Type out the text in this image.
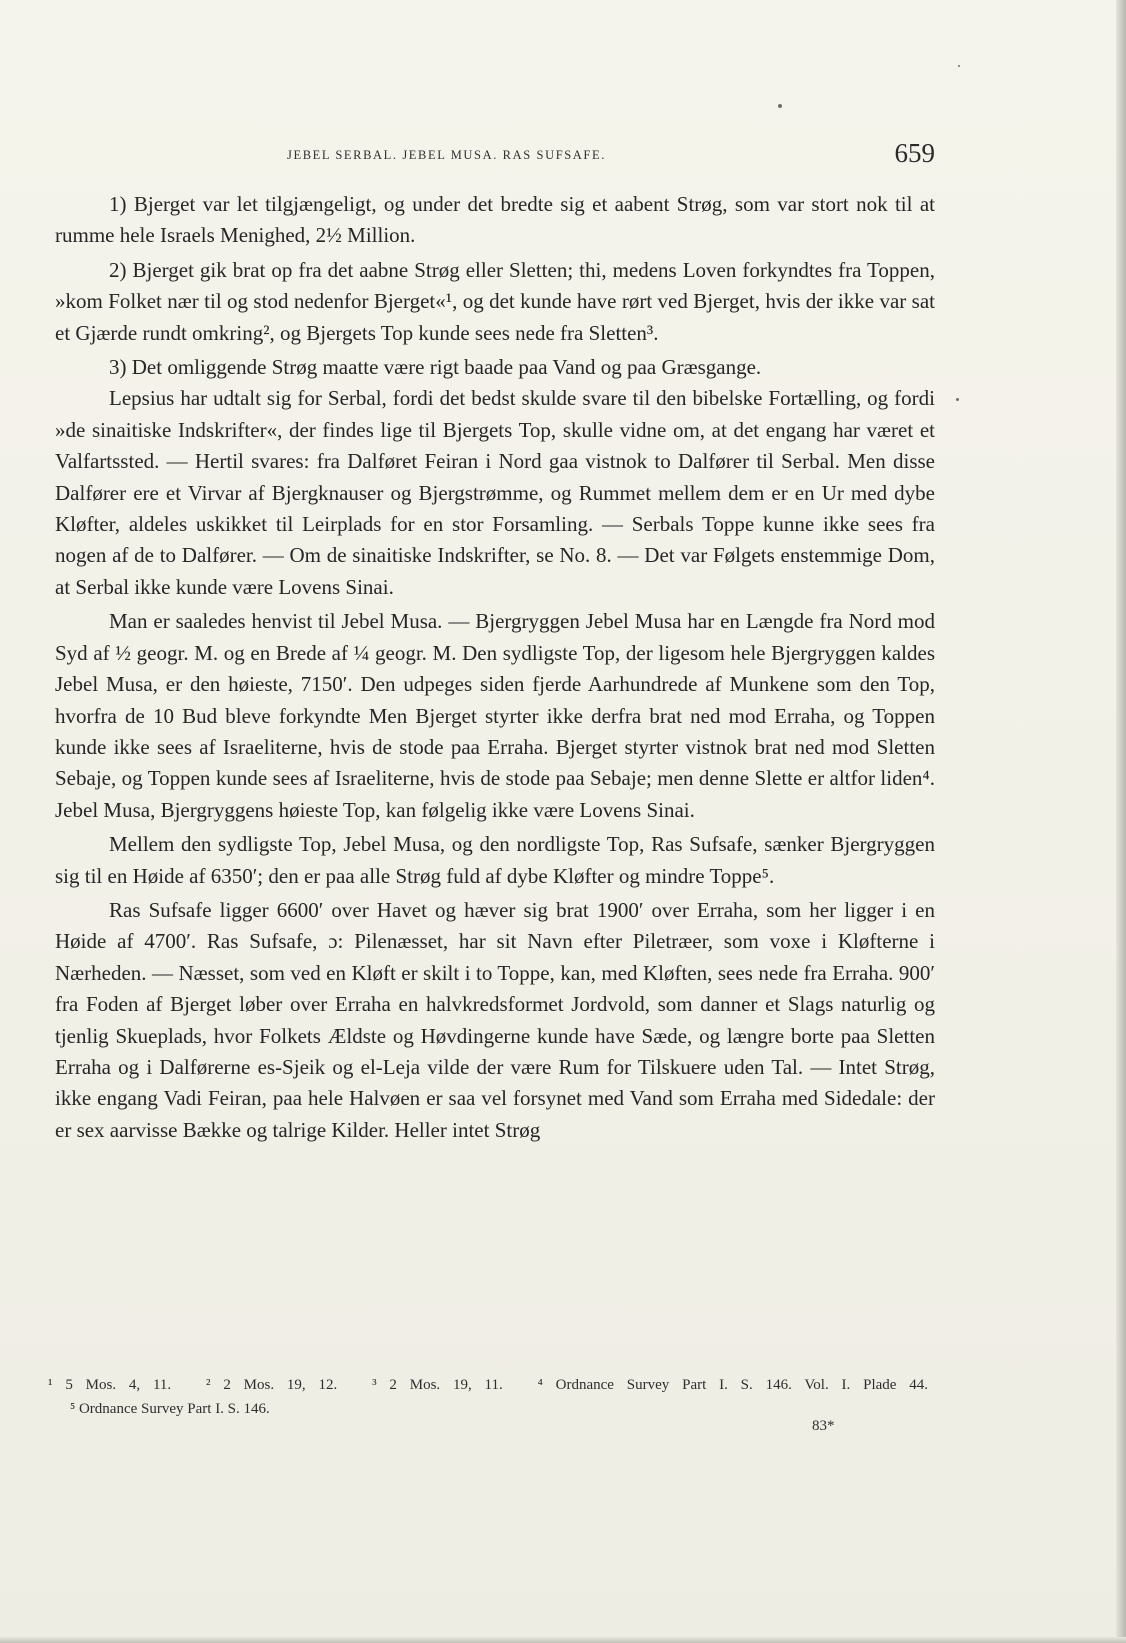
JEBEL SERBAL. JEBEL MUSA. RAS SUFSAFE.	659

1) Bjerget var let tilgjængeligt, og under det bredte sig et aabent Strøg, som var stort nok til at rumme hele Israels Menighed, 2½ Million.

2) Bjerget gik brat op fra det aabne Strøg eller Sletten; thi, medens Loven forkyndtes fra Toppen, »kom Folket nær til og stod nedenfor Bjerget«¹, og det kunde have rørt ved Bjerget, hvis der ikke var sat et Gjærde rundt omkring², og Bjergets Top kunde sees nede fra Sletten³.

3) Det omliggende Strøg maatte være rigt baade paa Vand og paa Græsgange.

Lepsius har udtalt sig for Serbal, fordi det bedst skulde svare til den bibelske Fortælling, og fordi »de sinaitiske Indskrifter«, der findes lige til Bjergets Top, skulle vidne om, at det engang har været et Valfartssted. — Hertil svares: fra Dalføret Feiran i Nord gaa vistnok to Dalfører til Serbal. Men disse Dalfører ere et Virvar af Bjergknauser og Bjergstrømme, og Rummet mellem dem er en Ur med dybe Kløfter, aldeles uskikket til Leirplads for en stor Forsamling. — Serbals Toppe kunne ikke sees fra nogen af de to Dalfører. — Om de sinaitiske Indskrifter, se No. 8. — Det var Følgets enstemmige Dom, at Serbal ikke kunde være Lovens Sinai.

Man er saaledes henvist til Jebel Musa. — Bjergryggen Jebel Musa har en Længde fra Nord mod Syd af ½ geogr. M. og en Brede af ¼ geogr. M. Den sydligste Top, der ligesom hele Bjergryggen kaldes Jebel Musa, er den høieste, 7150′. Den udpeges siden fjerde Aarhundrede af Munkene som den Top, hvorfra de 10 Bud bleve forkyndte Men Bjerget styrter ikke derfra brat ned mod Erraha, og Toppen kunde ikke sees af Israeliterne, hvis de stode paa Erraha. Bjerget styrter vistnok brat ned mod Sletten Sebaje, og Toppen kunde sees af Israeliterne, hvis de stode paa Sebaje; men denne Slette er altfor liden⁴. Jebel Musa, Bjergryggens høieste Top, kan følgelig ikke være Lovens Sinai.

Mellem den sydligste Top, Jebel Musa, og den nordligste Top, Ras Sufsafe, sænker Bjergryggen sig til en Høide af 6350′; den er paa alle Strøg fuld af dybe Kløfter og mindre Toppe⁵.

Ras Sufsafe ligger 6600′ over Havet og hæver sig brat 1900′ over Erraha, som her ligger i en Høide af 4700′. Ras Sufsafe, ɔ: Pilenæsset, har sit Navn efter Piletræer, som voxe i Kløfterne i Nærheden. — Næsset, som ved en Kløft er skilt i to Toppe, kan, med Kløften, sees nede fra Erraha. 900′ fra Foden af Bjerget løber over Erraha en halvkredsformet Jordvold, som danner et Slags naturlig og tjenlig Skueplads, hvor Folkets Ældste og Høvdingerne kunde have Sæde, og længre borte paa Sletten Erraha og i Dalførerne es-Sjeik og el-Leja vilde der være Rum for Tilskuere uden Tal. — Intet Strøg, ikke engang Vadi Feiran, paa hele Halvøen er saa vel forsynet med Vand som Erraha med Sidedale: der er sex aarvisse Bække og talrige Kilder. Heller intet Strøg

¹ 5 Mos. 4, 11. ² 2 Mos. 19, 12. ³ 2 Mos. 19, 11. ⁴ Ordnance Survey Part I. S. 146. Vol. I. Plade 44. ⁵ Ordnance Survey Part I. S. 146.
83*
